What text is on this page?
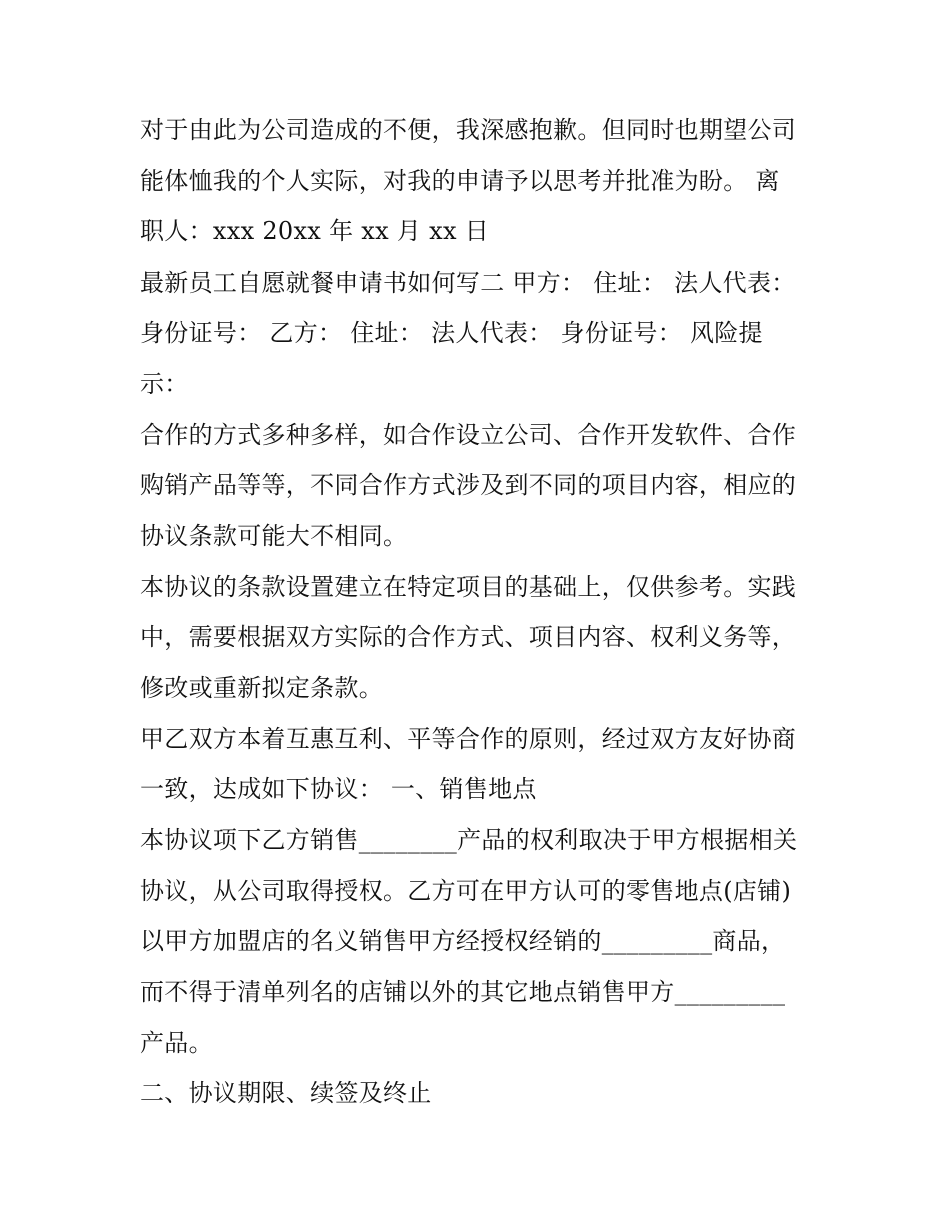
对于由此为公司造成的不便，我深感抱歉。但同时也期望公司
能体恤我的个人实际，对我的申请予以思考并批准为盼。 离
职人：xxx 20xx 年 xx 月 xx 日
最新员工自愿就餐申请书如何写二 甲方： 住址： 法人代表：
身份证号： 乙方： 住址： 法人代表： 身份证号： 风险提
示：
合作的方式多种多样，如合作设立公司、合作开发软件、合作
购销产品等等，不同合作方式涉及到不同的项目内容，相应的
协议条款可能大不相同。
本协议的条款设置建立在特定项目的基础上，仅供参考。实践
中，需要根据双方实际的合作方式、项目内容、权利义务等，
修改或重新拟定条款。
甲乙双方本着互惠互利、平等合作的原则，经过双方友好协商
一致，达成如下协议： 一、销售地点
本协议项下乙方销售________产品的权利取决于甲方根据相关
协议，从公司取得授权。乙方可在甲方认可的零售地点(店铺)
以甲方加盟店的名义销售甲方经授权经销的_________商品，
而不得于清单列名的店铺以外的其它地点销售甲方_________
产品。
二、协议期限、续签及终止
